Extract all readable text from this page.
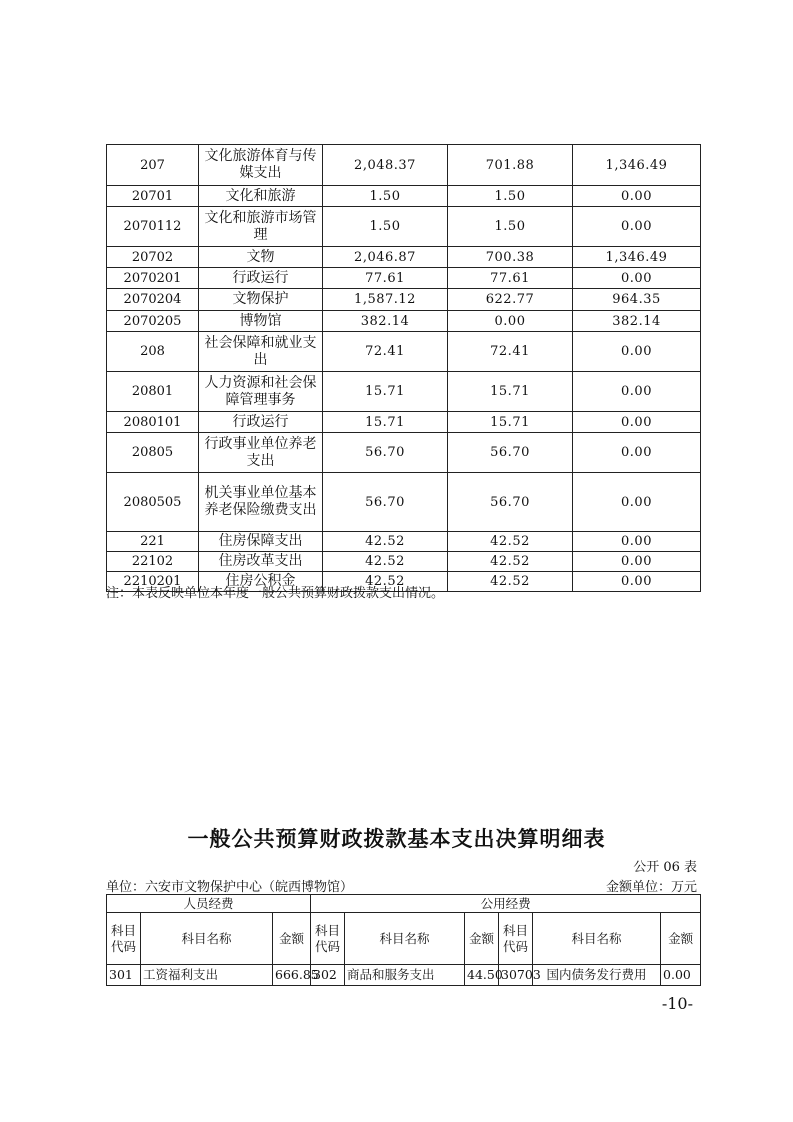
207	文化旅游体育与传媒支出	2,048.37	701.88	1,346.49
20701	文化和旅游	1.50	1.50	0.00
2070112	文化和旅游市场管理	1.50	1.50	0.00
20702	文物	2,046.87	700.38	1,346.49
2070201	行政运行	77.61	77.61	0.00
2070204	文物保护	1,587.12	622.77	964.35
2070205	博物馆	382.14	0.00	382.14
208	社会保障和就业支出	72.41	72.41	0.00
20801	人力资源和社会保障管理事务	15.71	15.71	0.00
2080101	行政运行	15.71	15.71	0.00
20805	行政事业单位养老支出	56.70	56.70	0.00
2080505	机关事业单位基本养老保险缴费支出	56.70	56.70	0.00
221	住房保障支出	42.52	42.52	0.00
22102	住房改革支出	42.52	42.52	0.00
2210201	住房公积金	42.52	42.52	0.00
注：本表反映单位本年度一般公共预算财政拨款支出情况。
一般公共预算财政拨款基本支出决算明细表
公开 06 表
单位：六安市文物保护中心（皖西博物馆）	金额单位：万元
人员经费			公用经费					
科目代码	科目名称	金额	科目代码	科目名称	金额	科目代码	科目名称	金额
301	工资福利支出	666.85	302	商品和服务支出	44.50	30703	国内债务发行费用	0.00
-10-
